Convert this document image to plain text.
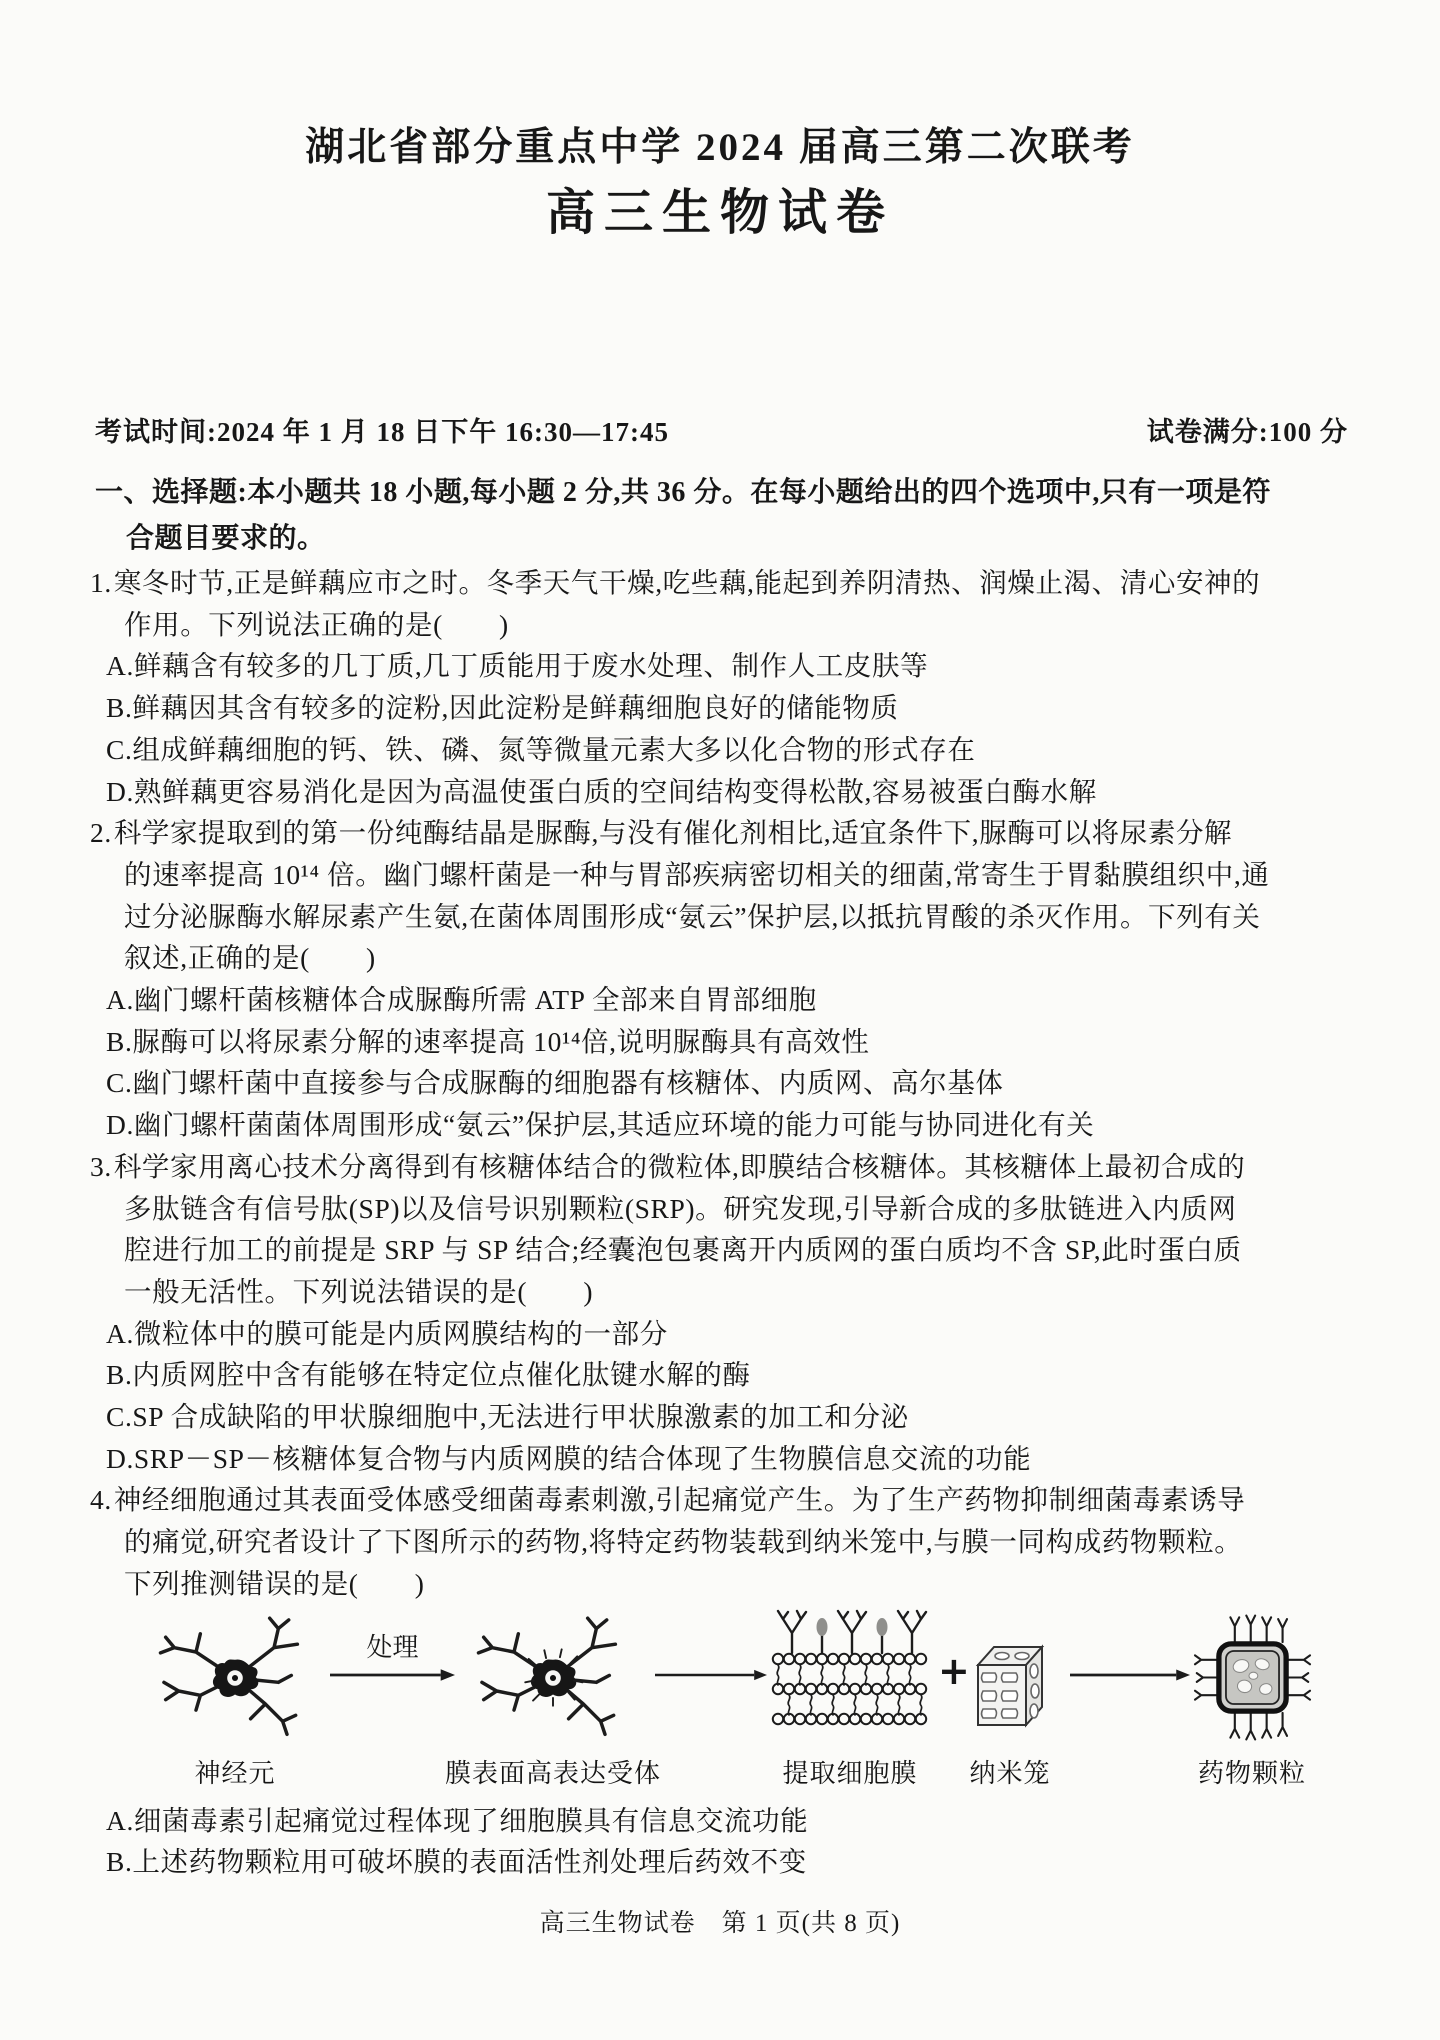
湖北省部分重点中学 2024 届高三第二次联考
高三生物试卷
考试时间:2024 年 1 月 18 日下午 16:30—17:45	试卷满分:100 分
一、选择题:本小题共 18 小题,每小题 2 分,共 36 分。在每小题给出的四个选项中,只有一项是符
合题目要求的。

1.寒冬时节,正是鲜藕应市之时。冬季天气干燥,吃些藕,能起到养阴清热、润燥止渴、清心安神的

作用。下列说法正确的是(　　)

A.鲜藕含有较多的几丁质,几丁质能用于废水处理、制作人工皮肤等

B.鲜藕因其含有较多的淀粉,因此淀粉是鲜藕细胞良好的储能物质

C.组成鲜藕细胞的钙、铁、磷、氮等微量元素大多以化合物的形式存在

D.熟鲜藕更容易消化是因为高温使蛋白质的空间结构变得松散,容易被蛋白酶水解

2.科学家提取到的第一份纯酶结晶是脲酶,与没有催化剂相比,适宜条件下,脲酶可以将尿素分解

的速率提高 10¹⁴ 倍。幽门螺杆菌是一种与胃部疾病密切相关的细菌,常寄生于胃黏膜组织中,通

过分泌脲酶水解尿素产生氨,在菌体周围形成“氨云”保护层,以抵抗胃酸的杀灭作用。下列有关

叙述,正确的是(　　)

A.幽门螺杆菌核糖体合成脲酶所需 ATP 全部来自胃部细胞

B.脲酶可以将尿素分解的速率提高 10¹⁴倍,说明脲酶具有高效性

C.幽门螺杆菌中直接参与合成脲酶的细胞器有核糖体、内质网、高尔基体

D.幽门螺杆菌菌体周围形成“氨云”保护层,其适应环境的能力可能与协同进化有关

3.科学家用离心技术分离得到有核糖体结合的微粒体,即膜结合核糖体。其核糖体上最初合成的

多肽链含有信号肽(SP)以及信号识别颗粒(SRP)。研究发现,引导新合成的多肽链进入内质网

腔进行加工的前提是 SRP 与 SP 结合;经囊泡包裹离开内质网的蛋白质均不含 SP,此时蛋白质

一般无活性。下列说法错误的是(　　)

A.微粒体中的膜可能是内质网膜结构的一部分

B.内质网腔中含有能够在特定位点催化肽键水解的酶

C.SP 合成缺陷的甲状腺细胞中,无法进行甲状腺激素的加工和分泌

D.SRP－SP－核糖体复合物与内质网膜的结合体现了生物膜信息交流的功能

4.神经细胞通过其表面受体感受细菌毒素刺激,引起痛觉产生。为了生产药物抑制细菌毒素诱导

的痛觉,研究者设计了下图所示的药物,将特定药物装载到纳米笼中,与膜一同构成药物颗粒。

下列推测错误的是(　　)

处理
+
神经元	膜表面高表达受体	提取细胞膜	纳米笼	药物颗粒

A.细菌毒素引起痛觉过程体现了细胞膜具有信息交流功能

B.上述药物颗粒用可破坏膜的表面活性剂处理后药效不变

高三生物试卷　第 1 页(共 8 页)
